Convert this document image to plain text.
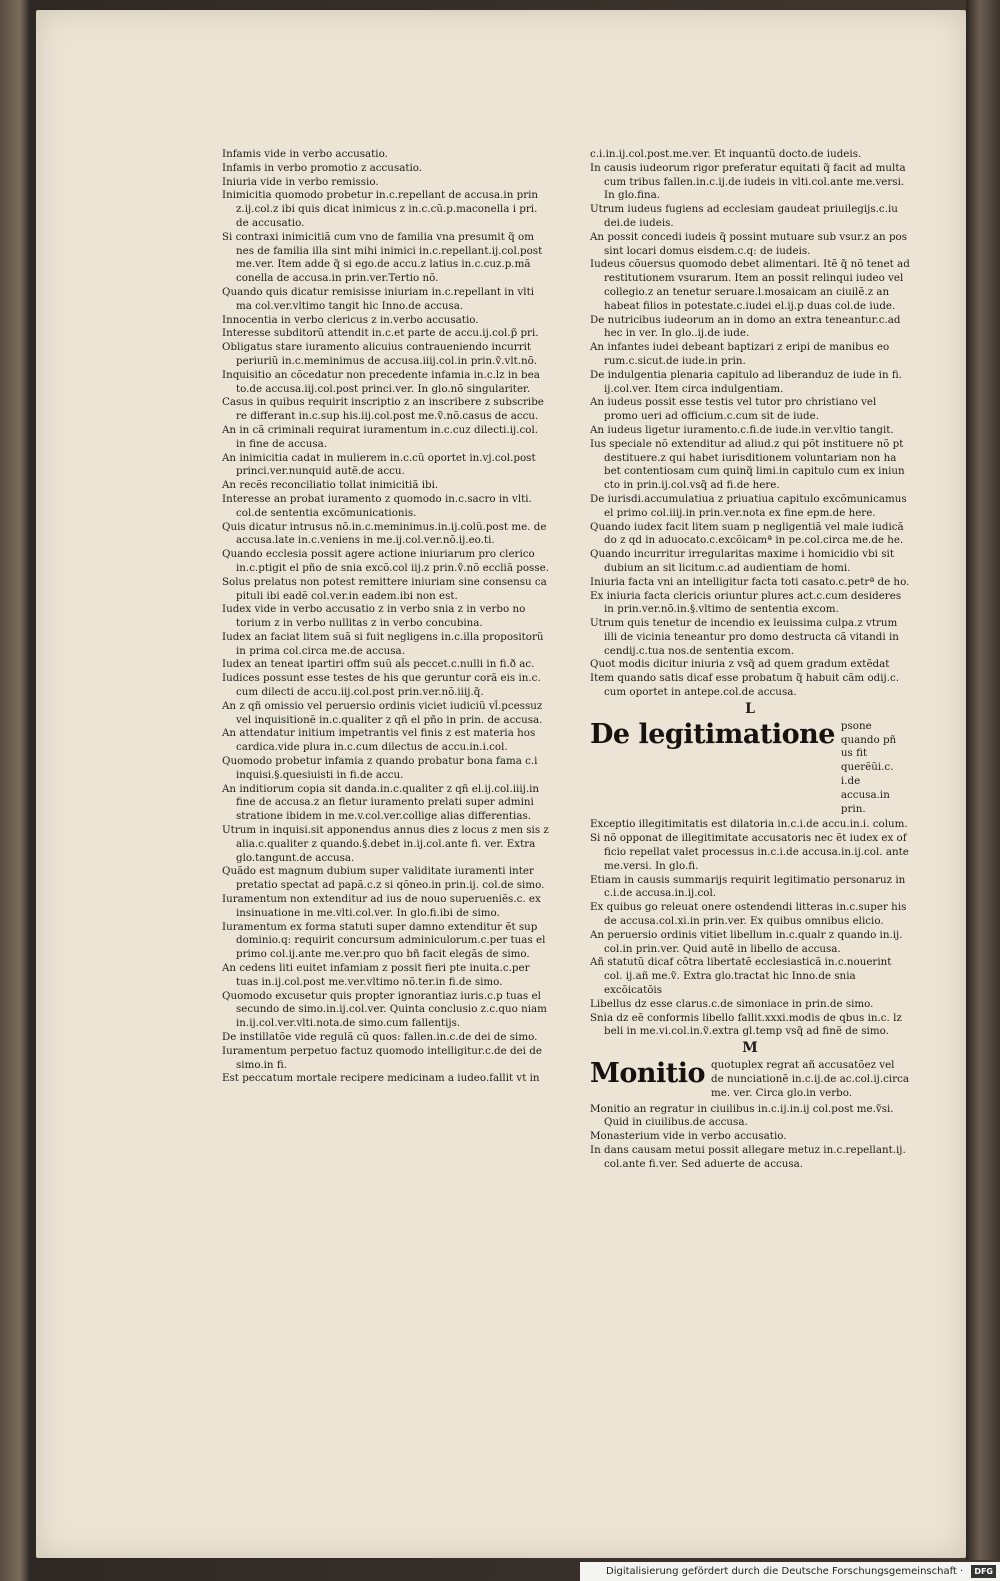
Infamis vide in verbo accusatio.

Infamis in verbo promotio z accusatio.

Iniuria vide in verbo remissio.

Inimicitia quomodo probetur in.c.repellant de accusa.in prin z.ij.col.z ibi quis dicat inimicus z in.c.cũ.p.maconella i pri. de accusatio.

Si contraxi inimicitiã cum vno de familia vna presumit q̃ om nes de familia illa sint mihi inimici in.c.repellant.ij.col.post me.ver. Item adde q̃ si ego.de accu.z latius in.c.cuz.p.mã conella de accusa.in prin.ver.Tertio nõ.

Quando quis dicatur remisisse iniuriam in.c.repellant in vlti ma col.ver.vltimo tangit hic Inno.de accusa.

Innocentia in verbo clericus z in.verbo accusatio.

Interesse subditorũ attendit in.c.et parte de accu.ij.col.p̃ pri.

Obligatus stare iuramento alicuius contraueniendo incurrit periuriũ in.c.meminimus de accusa.iiij.col.in prin.ṽ.vlt.nõ.

Inquisitio an cõcedatur non precedente infamia in.c.lz in bea to.de accusa.iij.col.post princi.ver. In glo.nõ singulariter.

Casus in quibus requirit inscriptio z an inscribere z subscribe re differant in.c.sup his.iij.col.post me.ṽ.nõ.casus de accu.

An in cã criminali requirat iuramentum in.c.cuz dilecti.ij.col. in fine de accusa.

An inimicitia cadat in mulierem in.c.cũ oportet in.vj.col.post princi.ver.nunquid autẽ.de accu.

An recẽs reconciliatio tollat inimicitiã ibi.

Interesse an probat iuramento z quomodo in.c.sacro in vlti. col.de sententia excõmunicationis.

Quis dicatur intrusus nõ.in.c.meminimus.in.ij.colũ.post me. de accusa.late in.c.veniens in me.ij.col.ver.nõ.ij.eo.ti.

Quando ecclesia possit agere actione iniuriarum pro clerico in.c.ptigit el pño de snia excõ.col iij.z prin.ṽ.nõ eccliã posse.

Solus prelatus non potest remittere iniuriam sine consensu ca pituli ibi eadẽ col.ver.in eadem.ibi non est.

Iudex vide in verbo accusatio z in verbo snia z in verbo no torium z in verbo nullitas z in verbo concubina.

Iudex an faciat litem suã si fuit negligens in.c.illa propositorũ in prima col.circa me.de accusa.

Iudex an teneat ipartiri offm suũ al̃s peccet.c.nulli in fi.ð ac.

Iudices possunt esse testes de his que geruntur corã eis in.c. cum dilecti de accu.iij.col.post prin.ver.nõ.iiij.q̃.

An z qñ omissio vel peruersio ordinis viciet iudiciũ vl̃.pcessuz vel inquisitionẽ in.c.qualiter z qñ el pño in prin. de accusa.

An attendatur initium impetrantis vel finis z est materia hos cardica.vide plura in.c.cum dilectus de accu.in.i.col.

Quomodo probetur infamia z quando probatur bona fama c.i inquisi.§.quesiuisti in fi.de accu.

An inditiorum copia sit danda.in.c.qualiter z qñ el.ij.col.iiij.in fine de accusa.z an fletur iuramento prelati super admini stratione ibidem in me.v.col.ver.collige alias differentias.

Utrum in inquisi.sit apponendus annus dies z locus z men sis z alia.c.qualiter z quando.§.debet in.ij.col.ante fi. ver. Extra glo.tangunt.de accusa.

Quãdo est magnum dubium super validitate iuramenti inter pretatio spectat ad papã.c.z si qõneo.in prin.ij. col.de simo.

Iuramentum non extenditur ad ius de nouo superueniẽs.c. ex insinuatione in me.vlti.col.ver. In glo.fi.ibi de simo.

Iuramentum ex forma statuti super damno extenditur ẽt sup dominio.q: requirit concursum adminiculorum.c.per tuas el primo col.ij.ante me.ver.pro quo bñ facit elegãs de simo.

An cedens liti euitet infamiam z possit fieri pte inuita.c.per tuas in.ij.col.post me.ver.vltimo nõ.ter.in fi.de simo.

Quomodo excusetur quis propter ignorantiaz iuris.c.p tuas el secundo de simo.in.ij.col.ver. Quinta conclusio z.c.quo niam in.ij.col.ver.vlti.nota.de simo.cum fallentijs.

De instillatõe vide regulã cũ quos: fallen.in.c.de dei de simo.

Iuramentum perpetuo factuz quomodo intelligitur.c.de dei de simo.in fi.

Est peccatum mortale recipere medicinam a iudeo.fallit vt in

c.i.in.ij.col.post.me.ver. Et inquantũ docto.de iudeis.

In causis iudeorum rigor preferatur equitati q̃ facit ad multa cum tribus fallen.in.c.ij.de iudeis in vlti.col.ante me.versi. In glo.fina.

Utrum iudeus fugiens ad ecclesiam gaudeat priuilegijs.c.iu dei.de iudeis.

An possit concedi iudeis q̃ possint mutuare sub vsur.z an pos sint locari domus eisdem.c.q: de iudeis.

Iudeus cõuersus quomodo debet alimentari. Itẽ q̃ nõ tenet ad restitutionem vsurarum. Item an possit relinqui iudeo vel collegio.z an tenetur seruare.l.mosaicam an ciuilẽ.z an habeat filios in potestate.c.iudei el.ij.p duas col.de iude.

De nutricibus iudeorum an in domo an extra teneantur.c.ad hec in ver. In glo..ij.de iude.

An infantes iudei debeant baptizari z eripi de manibus eo rum.c.sicut.de iude.in prin.

De indulgentia plenaria capitulo ad liberanduz de iude in fi. ij.col.ver. Item circa indulgentiam.

An iudeus possit esse testis vel tutor pro christiano vel promo ueri ad officium.c.cum sit de iude.

An iudeus ligetur iuramento.c.fi.de iude.in ver.vltio tangit.

Ius speciale nõ extenditur ad aliud.z qui põt instituere nõ pt destituere.z qui habet iurisditionem voluntariam non ha bet contentiosam cum quinq̃ limi.in capitulo cum ex iniun cto in prin.ij.col.vsq̃ ad fi.de here.

De iurisdi.accumulatiua z priuatiua capitulo excõmunicamus el primo col.iiij.in prin.ver.nota ex fine epm.de here.

Quando iudex facit litem suam p negligentiã vel male iudicã do z qd in aduocato.c.excõicamª in pe.col.circa me.de he.

Quando incurritur irregularitas maxime i homicidio vbi sit dubium an sit licitum.c.ad audientiam de homi.

Iniuria facta vni an intelligitur facta toti casato.c.petrª de ho.

Ex iniuria facta clericis oriuntur plures act.c.cum desideres in prin.ver.nõ.in.§.vltimo de sententia excom.

Utrum quis tenetur de incendio ex leuissima culpa.z vtrum illi de vicinia teneantur pro domo destructa cã vitandi in cendij.c.tua nos.de sententia excom.

Quot modis dicitur iniuria z vsq̃ ad quem gradum extẽdat

Item quando satis dicaf esse probatum q̃ habuit cãm odij.c. cum oportet in antepe.col.de accusa.

L
De legitimatione psone quando pñ us fit querẽũi.c. i.de accusa.in prin.

Exceptio illegitimitatis est dilatoria in.c.i.de accu.in.i. colum.

Si nõ opponat de illegitimitate accusatoris nec ẽt iudex ex of ficio repellat valet processus in.c.i.de accusa.in.ij.col. ante me.versi. In glo.fi.

Etiam in causis summarijs requirit legitimatio personaruz in c.i.de accusa.in.ij.col.

Ex quibus go releuat onere ostendendi litteras in.c.super his de accusa.col.xi.in prin.ver. Ex quibus omnibus elicio.

An peruersio ordinis vitiet libellum in.c.qualr z quando in.ij. col.in prin.ver. Quid autẽ in libello de accusa.

Añ statutũ dicaf cõtra libertatẽ ecclesiasticã in.c.nouerint col. ij.añ me.ṽ. Extra glo.tractat hic Inno.de snia excõicatõis

Libellus dz esse clarus.c.de simoniace in prin.de simo.

Snia dz eẽ conformis libello fallit.xxxi.modis de qbus in.c. lz beli in me.vi.col.in.ṽ.extra gl.temp vsq̃ ad finẽ de simo.

M
Monitio quotuplex regrat añ accusatõez vel de nunciationẽ in.c.ij.de ac.col.ij.circa me. ver. Circa glo.in verbo.

Monitio an regratur in ciuilibus in.c.ij.in.ij col.post me.ṽsi. Quid in ciuilibus.de accusa.

Monasterium vide in verbo accusatio.

In dans causam metui possit allegare metuz in.c.repellant.ij. col.ante fi.ver. Sed aduerte de accusa.

Digitalisierung gefördert durch die Deutsche Forschungsgemeinschaft ·	DFG
